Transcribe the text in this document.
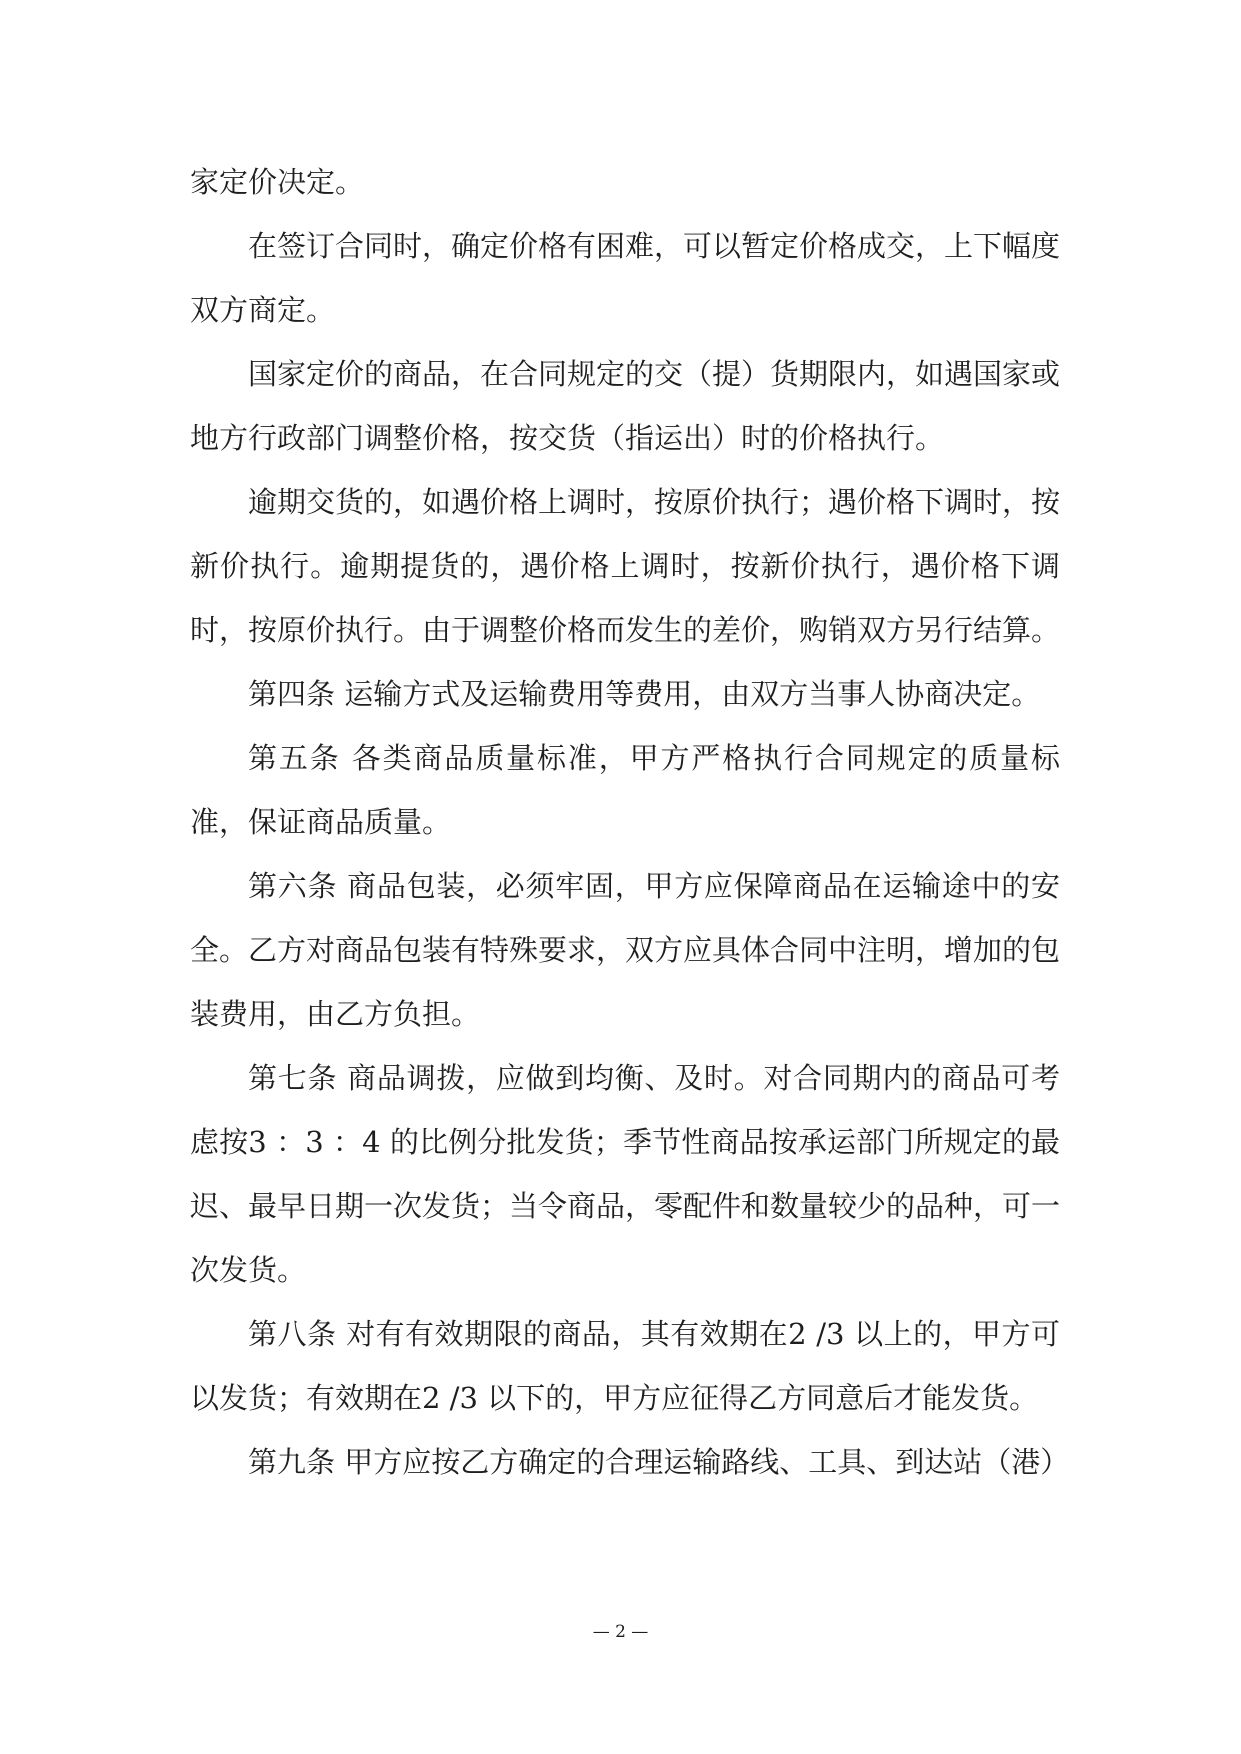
家定价决定。

在签订合同时，确定价格有困难，可以暂定价格成交，上下幅度双方商定。

国家定价的商品，在合同规定的交（提）货期限内，如遇国家或地方行政部门调整价格，按交货（指运出）时的价格执行。

逾期交货的，如遇价格上调时，按原价执行；遇价格下调时，按新价执行。逾期提货的，遇价格上调时，按新价执行，遇价格下调时，按原价执行。由于调整价格而发生的差价，购销双方另行结算。

第四条 运输方式及运输费用等费用，由双方当事人协商决定。

第五条 各类商品质量标准，甲方严格执行合同规定的质量标准，保证商品质量。

第六条 商品包装，必须牢固，甲方应保障商品在运输途中的安全。乙方对商品包装有特殊要求，双方应具体合同中注明，增加的包装费用，由乙方负担。

第七条 商品调拨，应做到均衡、及时。对合同期内的商品可考虑按3 ：3 ：4 的比例分批发货；季节性商品按承运部门所规定的最迟、最早日期一次发货；当令商品，零配件和数量较少的品种，可一次发货。

第八条 对有有效期限的商品，其有效期在2 /3 以上的，甲方可以发货；有效期在2 /3 以下的，甲方应征得乙方同意后才能发货。

第九条 甲方应按乙方确定的合理运输路线、工具、到达站（港）

— 2 —
